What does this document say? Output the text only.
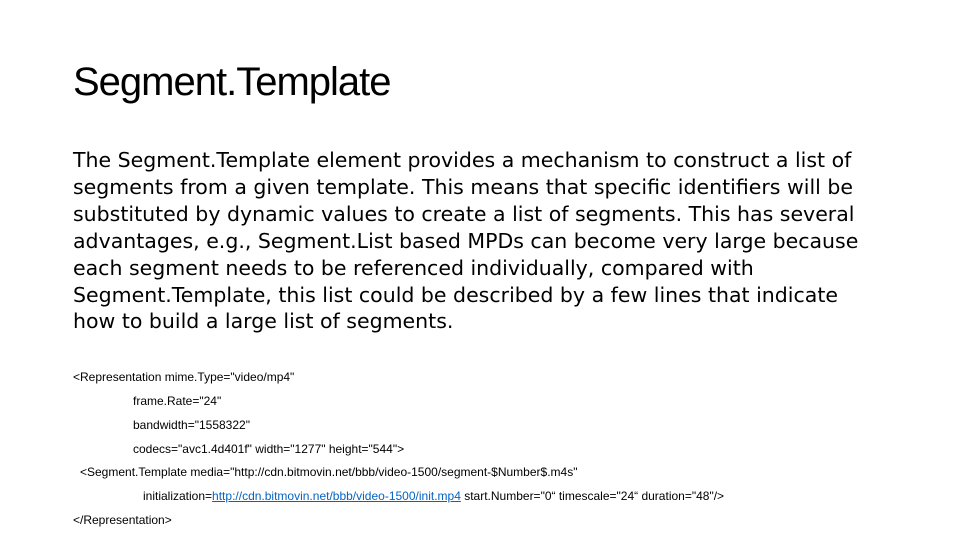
Segment.Template
The Segment.Template element provides a mechanism to construct a list of segments from a given template. This means that specific identifiers will be substituted by dynamic values to create a list of segments. This has several advantages, e.g., Segment.List based MPDs can become very large because each segment needs to be referenced individually, compared with Segment.Template, this list could be described by a few lines that indicate how to build a large list of segments.
<Representation mime.Type="video/mp4"
frame.Rate="24"
bandwidth="1558322"
codecs="avc1.4d401f" width="1277" height="544">
<Segment.Template media="http://cdn.bitmovin.net/bbb/video-1500/segment-$Number$.m4s"
initialization=http://cdn.bitmovin.net/bbb/video-1500/init.mp4 start.Number="0“ timescale="24“ duration="48"/>
</Representation>
